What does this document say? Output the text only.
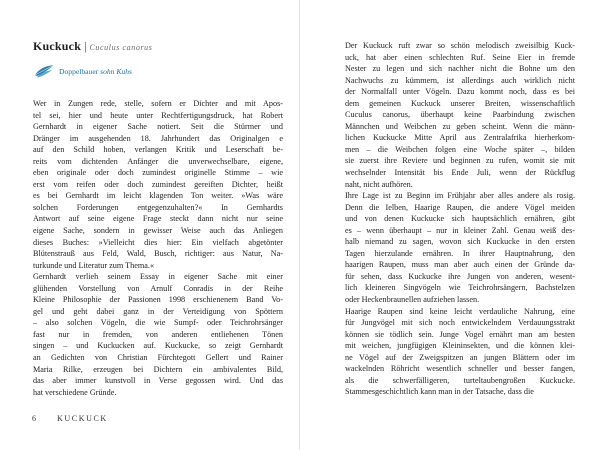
Kuckuck | Cuculus canorus
Doppelbauer sohn Kuhs
Wer in Zungen rede, stelle, sofern er Dichter and mit Apos-
tel sei, hier und heute unter Rechtfertigungsdruck, hat Robert
Gernhardt in eigener Sache notiert. Seit die Stürmer und
Dränger im ausgehenden 18. Jahrhundert das Originalgen e
auf den Schild hoben, verlangen Kritik und Leserschaft be-
reits vom dichtenden Anfänger die unverwechselbare, eigene,
eben originale oder doch zumindest originelle Stimme – wie
erst vom reifen oder doch zumindest gereiften Dichter, heißt
es bei Gernhardt im leicht klagenden Ton weiter. »Was wäre
solchen Forderungen entgegenzuhalten?« In Gernhardts
Antwort auf seine eigene Frage steckt dann nicht nur seine
eigene Sache, sondern in gewisser Weise auch das Anliegen
dieses Buches: »Vielleicht dies hier: Ein vielfach abgetönter
Blütenstrauß aus Feld, Wald, Busch, richtiger: aus Natur, Na-
turkunde und Literatur zum Thema.«
Gernhardt verlieh seinem Essay in eigener Sache mit einer
glühenden Vorstellung von Arnulf Conradis in der Reihe
Kleine Philosophie der Passionen 1998 erschienenem Band Vo-
gel und geht dabei ganz in der Verteidigung von Spöttern
– also solchen Vögeln, die wie Sumpf- oder Teichrohrsänger
fast nur in fremden, von anderen entliehenen Tönen
singen – und Kuckucken auf. Kuckucke, so zeigt Gernhardt
an Gedichten von Christian Fürchtegott Gellert und Rainer
Maria Rilke, erzeugen bei Dichtern ein ambivalentes Bild,
das aber immer kunstvoll in Verse gegossen wird. Und das
hat verschiedene Gründe.
6 KUCKUCK
Der Kuckuck ruft zwar so schön melodisch zweisilbig Kuck-
uck, hat aber einen schlechten Ruf. Seine Eier in fremde
Nester zu legen und sich nachher nicht die Bohne um den
Nachwuchs zu kümmern, ist allerdings auch wirklich nicht
der Normalfall unter Vögeln. Dazu kommt noch, dass es bei
dem gemeinen Kuckuck unserer Breiten, wissenschaftlich
Cuculus canorus, überhaupt keine Paarbindung zwischen
Männchen und Weibchen zu geben scheint. Wenn die männ-
lichen Kuckucke Mitte April aus Zentralafrika hierherkom-
men – die Weibchen folgen eine Woche später –, bilden
sie zuerst ihre Reviere und beginnen zu rufen, womit sie mit
wechselnder Intensität bis Ende Juli, wenn der Rückflug
naht, nicht aufhören.
Ihre Lage ist zu Beginn im Frühjahr aber alles andere als rosig.
Denn die Ielben, Haarige Raupen, die andere Vögel meiden
und von denen Kuckucke sich hauptsächlich ernähren, gibt
es – wenn überhaupt – nur in kleiner Zahl. Genau weiß des-
halb niemand zu sagen, wovon sich Kuckucke in den ersten
Tagen hierzulande ernähren. In ihrer Hauptnahrung, den
haarigen Raupen, muss man aber auch einen der Gründe da-
für sehen, dass Kuckucke ihre Jungen von anderen, wesent-
lich kleineren Singvögeln wie Teichrohrsängern, Bachstelzen
oder Heckenbraunellen aufziehen lassen.
Haarige Raupen sind keine leicht verdauliche Nahrung, eine
für Jungvögel mit sich noch entwickelndem Verdauungsstrakt
können sie tödlich sein. Junge Vogel ernährt man am besten
mit weichen, jungfügigen Kleininsekten, und die können klei-
ne Vögel auf der Zweigspitzen an jungen Blättern oder im
wackelnden Röhricht wesentlich schneller und besser fangen,
als die schwerfälligeren, turteltaubengroßen Kuckucke.
Stammesgeschichtlich kann man in der Tatsache, dass die
